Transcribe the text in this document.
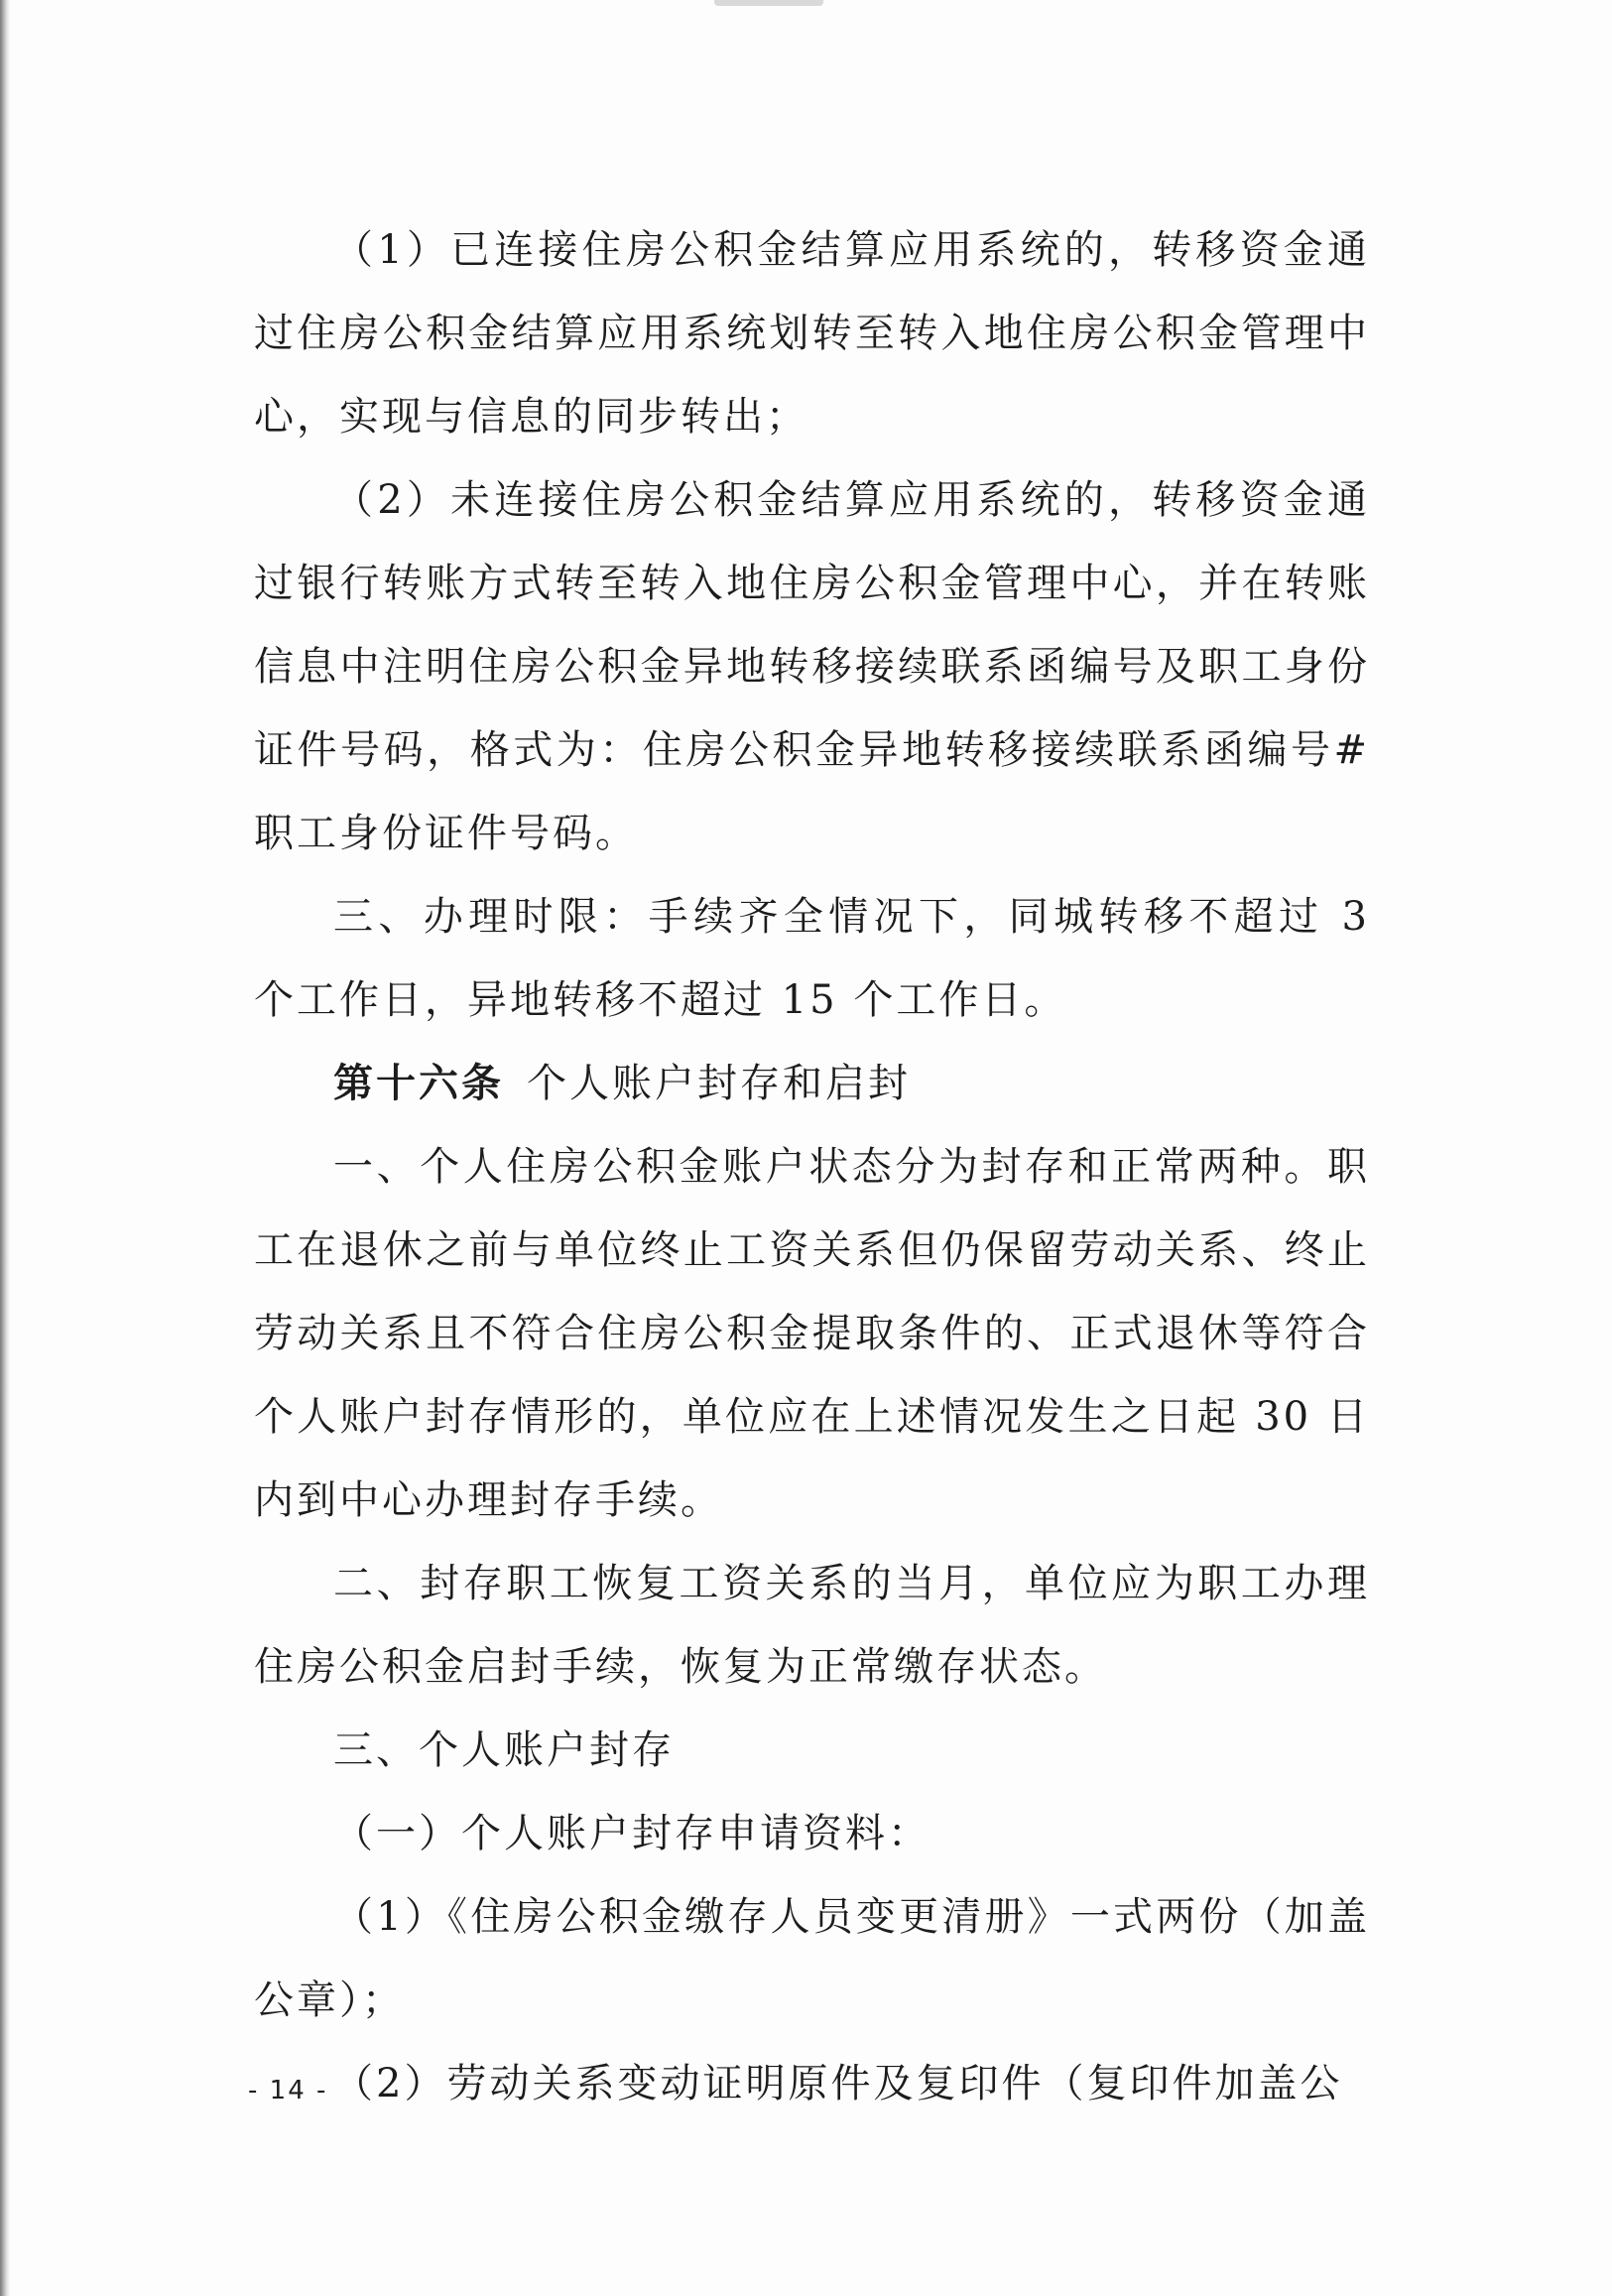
（1）已连接住房公积金结算应用系统的，转移资金通过住房公积金结算应用系统划转至转入地住房公积金管理中心，实现与信息的同步转出；

（2）未连接住房公积金结算应用系统的，转移资金通过银行转账方式转至转入地住房公积金管理中心，并在转账信息中注明住房公积金异地转移接续联系函编号及职工身份证件号码，格式为：住房公积金异地转移接续联系函编号#职工身份证件号码。

三、办理时限：手续齐全情况下，同城转移不超过 3 个工作日，异地转移不超过 15 个工作日。

第十六条  个人账户封存和启封

一、个人住房公积金账户状态分为封存和正常两种。职工在退休之前与单位终止工资关系但仍保留劳动关系、终止劳动关系且不符合住房公积金提取条件的、正式退休等符合个人账户封存情形的，单位应在上述情况发生之日起 30 日内到中心办理封存手续。

二、封存职工恢复工资关系的当月，单位应为职工办理住房公积金启封手续，恢复为正常缴存状态。

三、个人账户封存

（一）个人账户封存申请资料：

（1）《住房公积金缴存人员变更清册》一式两份（加盖公章）；

（2）劳动关系变动证明原件及复印件（复印件加盖公

- 14 -
